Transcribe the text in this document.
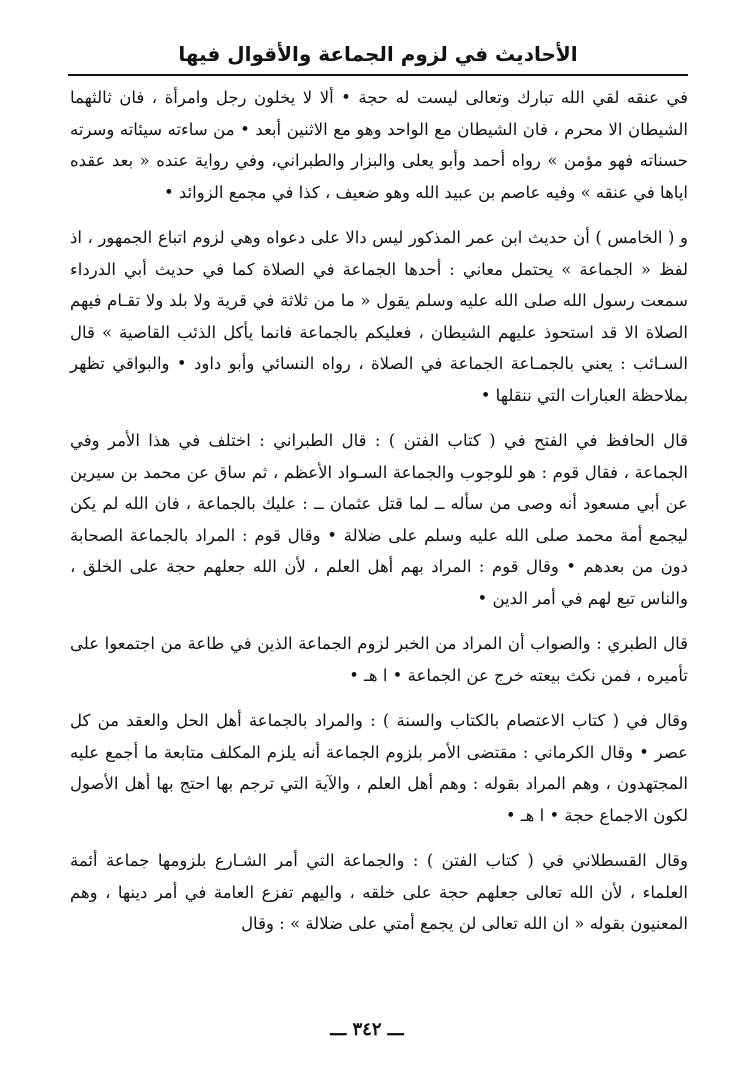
الأحاديث في لزوم الجماعة والأقوال فيها

في عنقه لقي الله تبارك وتعالى ليست له حجة • ألا لا يخلون رجل وامرأة ، فان ثالثهما الشيطان الا محرم ، فان الشيطان مع الواحد وهو مع الاثنين أبعد • من ساءته سيئاته وسرته حسناته فهو مؤمن » رواه أحمد وأبو يعلى والبزار والطبراني، وفي رواية عنده « بعد عقده اياها في عنقه » وفيه عاصم بن عبيد الله وهو ضعيف ، كذا في مجمع الزوائد •

و ( الخامس ) أن حديث ابن عمر المذكور ليس دالا على دعواه وهي لزوم اتباع الجمهور ، اذ لفظ « الجماعة » يحتمل معاني : أحدها الجماعة في الصلاة كما في حديث أبي الدرداء سمعت رسول الله صلى الله عليه وسلم يقول « ما من ثلاثة في قرية ولا بلد ولا تقـام فيهم الصلاة الا قد استحوذ عليهم الشيطان ، فعليكم بالجماعة فانما يأكل الذئب القاصية » قال السـائب : يعني بالجمـاعة الجماعة في الصلاة ، رواه النسائي وأبو داود • والبواقي تظهر بملاحظة العبارات التي ننقلها •

قال الحافظ في الفتح في ( كتاب الفتن ) : قال الطبراني : اختلف في هذا الأمر وفي الجماعة ، فقال قوم : هو للوجوب والجماعة السـواد الأعظم ، ثم ساق عن محمد بن سيرين عن أبي مسعود أنه وصى من سأله ــ لما قتل عثمان ــ : عليك بالجماعة ، فان الله لم يكن ليجمع أمة محمد صلى الله عليه وسلم على ضلالة • وقال قوم : المراد بالجماعة الصحابة دون من بعدهم • وقال قوم : المراد بهم أهل العلم ، لأن الله جعلهم حجة على الخلق ، والناس تبع لهم في أمر الدين •

قال الطبري : والصواب أن المراد من الخبر لزوم الجماعة الذين في طاعة من اجتمعوا على تأميره ، فمن نكث بيعته خرج عن الجماعة • ا هـ •

وقال في ( كتاب الاعتصام بالكتاب والسنة ) : والمراد بالجماعة أهل الحل والعقد من كل عصر • وقال الكرماني : مقتضى الأمر بلزوم الجماعة أنه يلزم المكلف متابعة ما أجمع عليه المجتهدون ، وهم المراد بقوله : وهم أهل العلم ، والآية التي ترجم بها احتج بها أهل الأصول لكون الاجماع حجة • ا هـ •

وقال القسطلاني في ( كتاب الفتن ) : والجماعة التي أمر الشـارع بلزومها جماعة أئمة العلماء ، لأن الله تعالى جعلهم حجة على خلقه ، واليهم تفزع العامة في أمر دينها ، وهم المعنيون بقوله « ان الله تعالى لن يجمع أمتي على ضلالة » : وقال

ـــ ٣٤٢ ـــ
